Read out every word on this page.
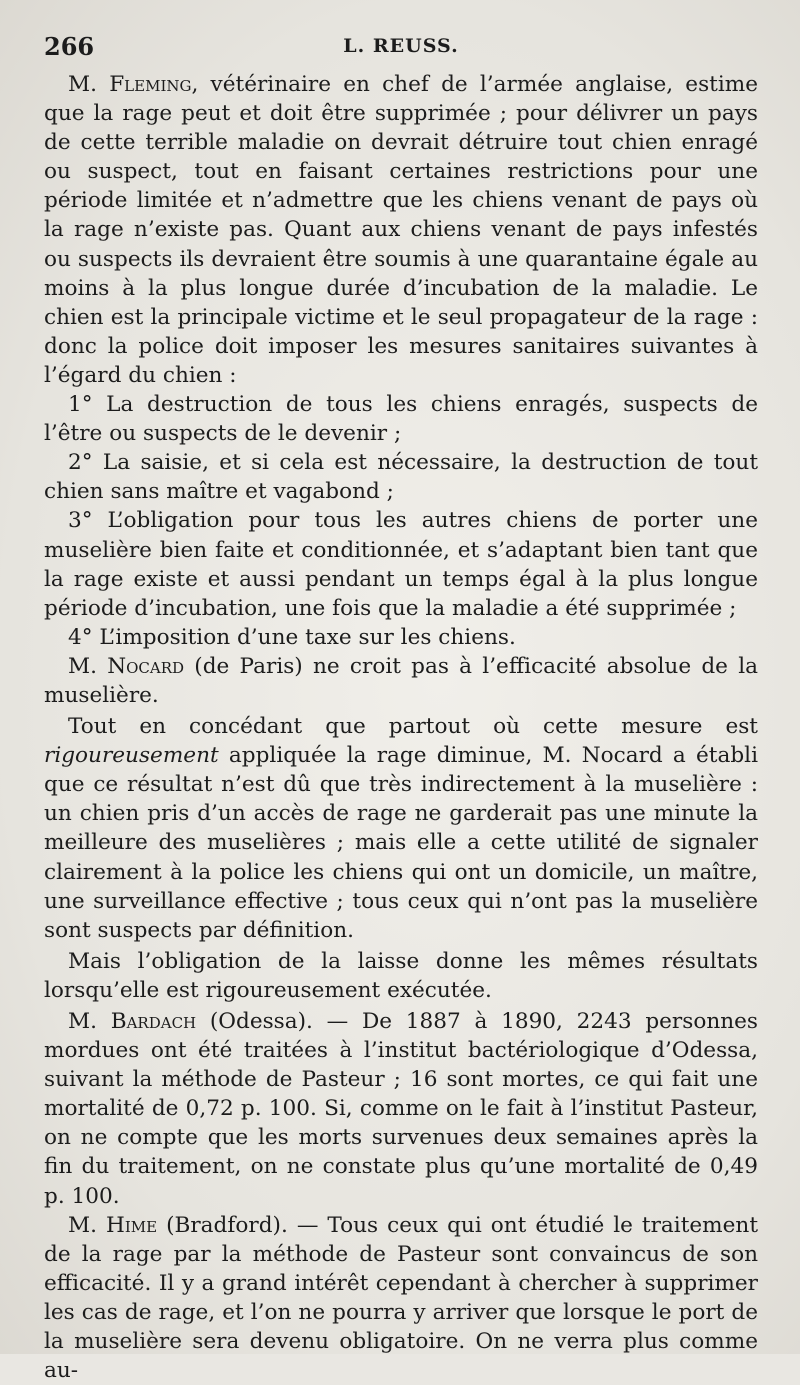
266	L. REUSS.

M. Fleming, vétérinaire en chef de l’armée anglaise, estime que la rage peut et doit être supprimée ; pour délivrer un pays de cette terrible maladie on devrait détruire tout chien enragé ou suspect, tout en faisant certaines restrictions pour une période limitée et n’admettre que les chiens venant de pays où la rage n’existe pas. Quant aux chiens venant de pays infestés ou suspects ils devraient être soumis à une quarantaine égale au moins à la plus longue durée d’incubation de la maladie. Le chien est la principale victime et le seul propagateur de la rage : donc la police doit imposer les mesures sanitaires suivantes à l’égard du chien :

1° La destruction de tous les chiens enragés, suspects de l’être ou suspects de le devenir ;

2° La saisie, et si cela est nécessaire, la destruction de tout chien sans maître et vagabond ;

3° L’obligation pour tous les autres chiens de porter une muselière bien faite et conditionnée, et s’adaptant bien tant que la rage existe et aussi pendant un temps égal à la plus longue période d’incubation, une fois que la maladie a été supprimée ;

4° L’imposition d’une taxe sur les chiens.

M. Nocard (de Paris) ne croit pas à l’efficacité absolue de la muselière.

Tout en concédant que partout où cette mesure est rigoureusement appliquée la rage diminue, M. Nocard a établi que ce résultat n’est dû que très indirectement à la muselière : un chien pris d’un accès de rage ne garderait pas une minute la meilleure des muselières ; mais elle a cette utilité de signaler clairement à la police les chiens qui ont un domicile, un maître, une surveillance effective ; tous ceux qui n’ont pas la muselière sont suspects par définition.

Mais l’obligation de la laisse donne les mêmes résultats lorsqu’elle est rigoureusement exécutée.

M. Bardach (Odessa). — De 1887 à 1890, 2243 personnes mordues ont été traitées à l’institut bactériologique d’Odessa, suivant la méthode de Pasteur ; 16 sont mortes, ce qui fait une mortalité de 0,72 p. 100. Si, comme on le fait à l’institut Pasteur, on ne compte que les morts survenues deux semaines après la fin du traitement, on ne constate plus qu’une mortalité de 0,49 p. 100.

M. Hime (Bradford). — Tous ceux qui ont étudié le traitement de la rage par la méthode de Pasteur sont convaincus de son efficacité. Il y a grand intérêt cependant à chercher à supprimer les cas de rage, et l’on ne pourra y arriver que lorsque le port de la muselière sera devenu obligatoire. On ne verra plus comme au-
